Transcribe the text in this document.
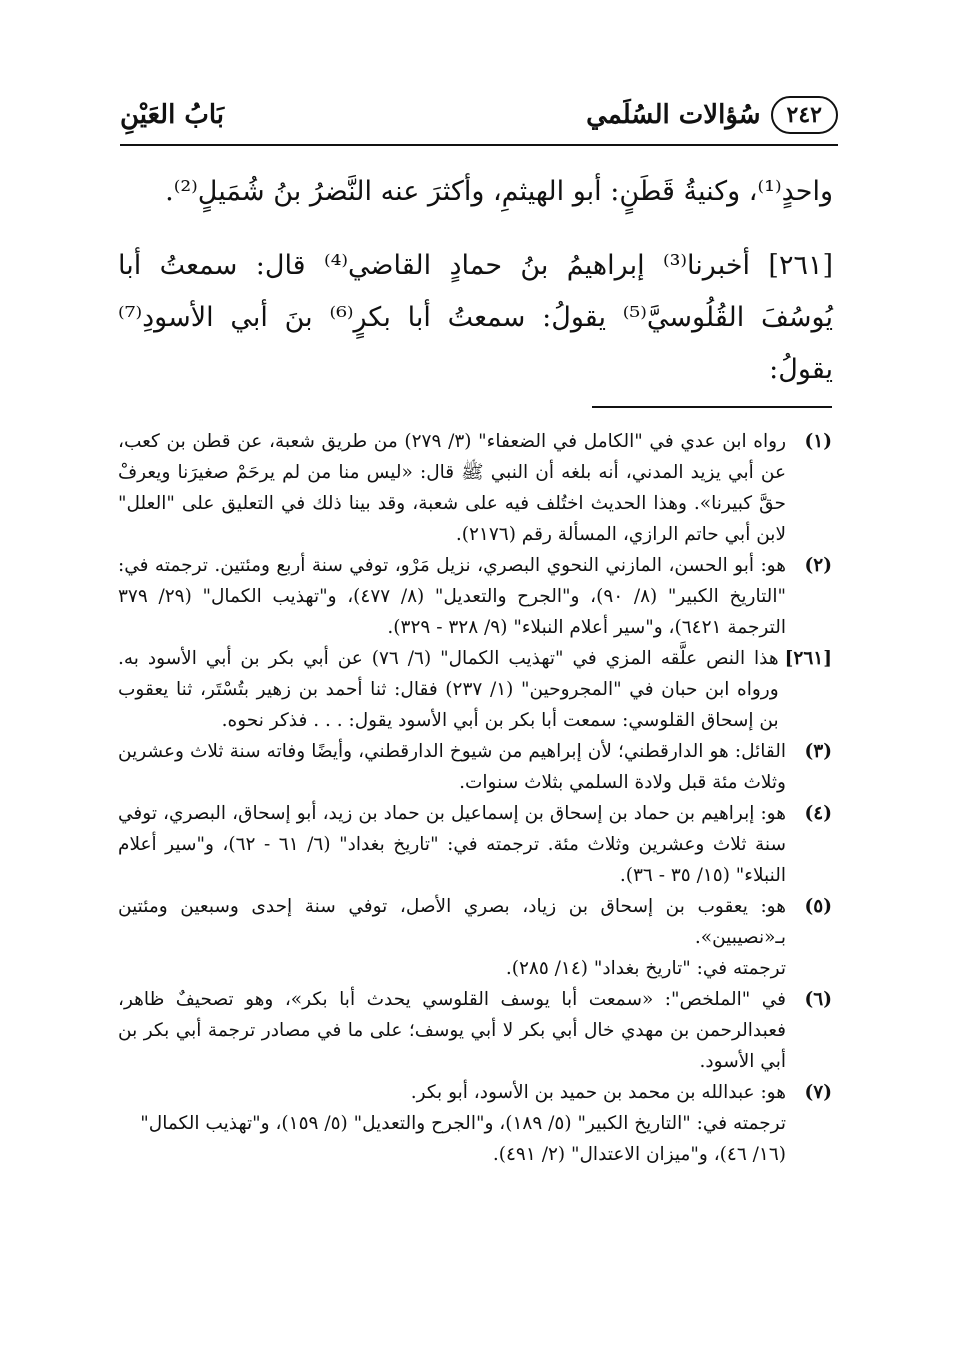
٢٤٢
سُؤالات السُلَمي
بَابُ العَيْنِ

واحدٍ⁽¹⁾، وكنيةُ قَطَنٍ: أبو الهيثمِ، وأكثرَ عنه النَّضرُ بنُ شُمَيلٍ⁽²⁾.

[٢٦١] أخبرنا⁽³⁾ إبراهيمُ بنُ حمادٍ القاضي⁽⁴⁾ قال: سمعتُ أبا يُوسُفَ القُلُوسيَّ⁽⁵⁾ يقولُ: سمعتُ أبا بكرٍ⁽⁶⁾ بنَ أبي الأسودِ⁽⁷⁾ يقولُ:

(١)
رواه ابن عدي في "الكامل في الضعفاء" (٣/ ٢٧٩) من طريق شعبة، عن قطن بن كعب، عن أبي يزيد المدني، أنه بلغه أن النبي ﷺ قال: «ليس منا من لم يرحَمْ صغيرَنا ويعرفْ حقَّ كبيرنا». وهذا الحديث اختُلف فيه على شعبة، وقد بينا ذلك في التعليق على "العلل" لابن أبي حاتم الرازي، المسألة رقم (٢١٧٦).
(٢)
هو: أبو الحسن، المازني النحوي البصري، نزيل مَرْو، توفي سنة أربع ومئتين. ترجمته في: "التاريخ الكبير" (٨/ ٩٠)، و"الجرح والتعديل" (٨/ ٤٧٧)، و"تهذيب الكمال" (٢٩/ ٣٧٩ الترجمة ٦٤٢١)، و"سير أعلام النبلاء" (٩/ ٣٢٨ - ٣٢٩).
[٢٦١]
هذا النص علَّقه المزي في "تهذيب الكمال" (٦/ ٧٦) عن أبي بكر بن أبي الأسود به. ورواه ابن حبان في "المجروحين" (١/ ٢٣٧) فقال: ثنا أحمد بن زهير بتُسْتَر، ثنا يعقوب بن إسحاق القلوسي: سمعت أبا بكر بن أبي الأسود يقول: . . . فذكر نحوه.
(٣)
القائل: هو الدارقطني؛ لأن إبراهيم من شيوخ الدارقطني، وأيضًا وفاته سنة ثلاث وعشرين وثلاث مئة قبل ولادة السلمي بثلاث سنوات.
(٤)
هو: إبراهيم بن حماد بن إسحاق بن إسماعيل بن حماد بن زيد، أبو إسحاق، البصري، توفي سنة ثلاث وعشرين وثلاث مئة. ترجمته في: "تاريخ بغداد" (٦/ ٦١ - ٦٢)، و"سير أعلام النبلاء" (١٥/ ٣٥ - ٣٦).
(٥)
هو: يعقوب بن إسحاق بن زياد، بصري الأصل، توفي سنة إحدى وسبعين ومئتين بـ«نصيبين».
ترجمته في: "تاريخ بغداد" (١٤/ ٢٨٥).
(٦)
في "الملخص": «سمعت أبا يوسف القلوسي يحدث أبا بكر»، وهو تصحيفٌ ظاهر، فعبدالرحمن بن مهدي خال أبي بكر لا أبي يوسف؛ على ما في مصادر ترجمة أبي بكر بن أبي الأسود.
(٧)
هو: عبدالله بن محمد بن حميد بن الأسود، أبو بكر.
ترجمته في: "التاريخ الكبير" (٥/ ١٨٩)، و"الجرح والتعديل" (٥/ ١٥٩)، و"تهذيب الكمال" (١٦/ ٤٦)، و"ميزان الاعتدال" (٢/ ٤٩١).
